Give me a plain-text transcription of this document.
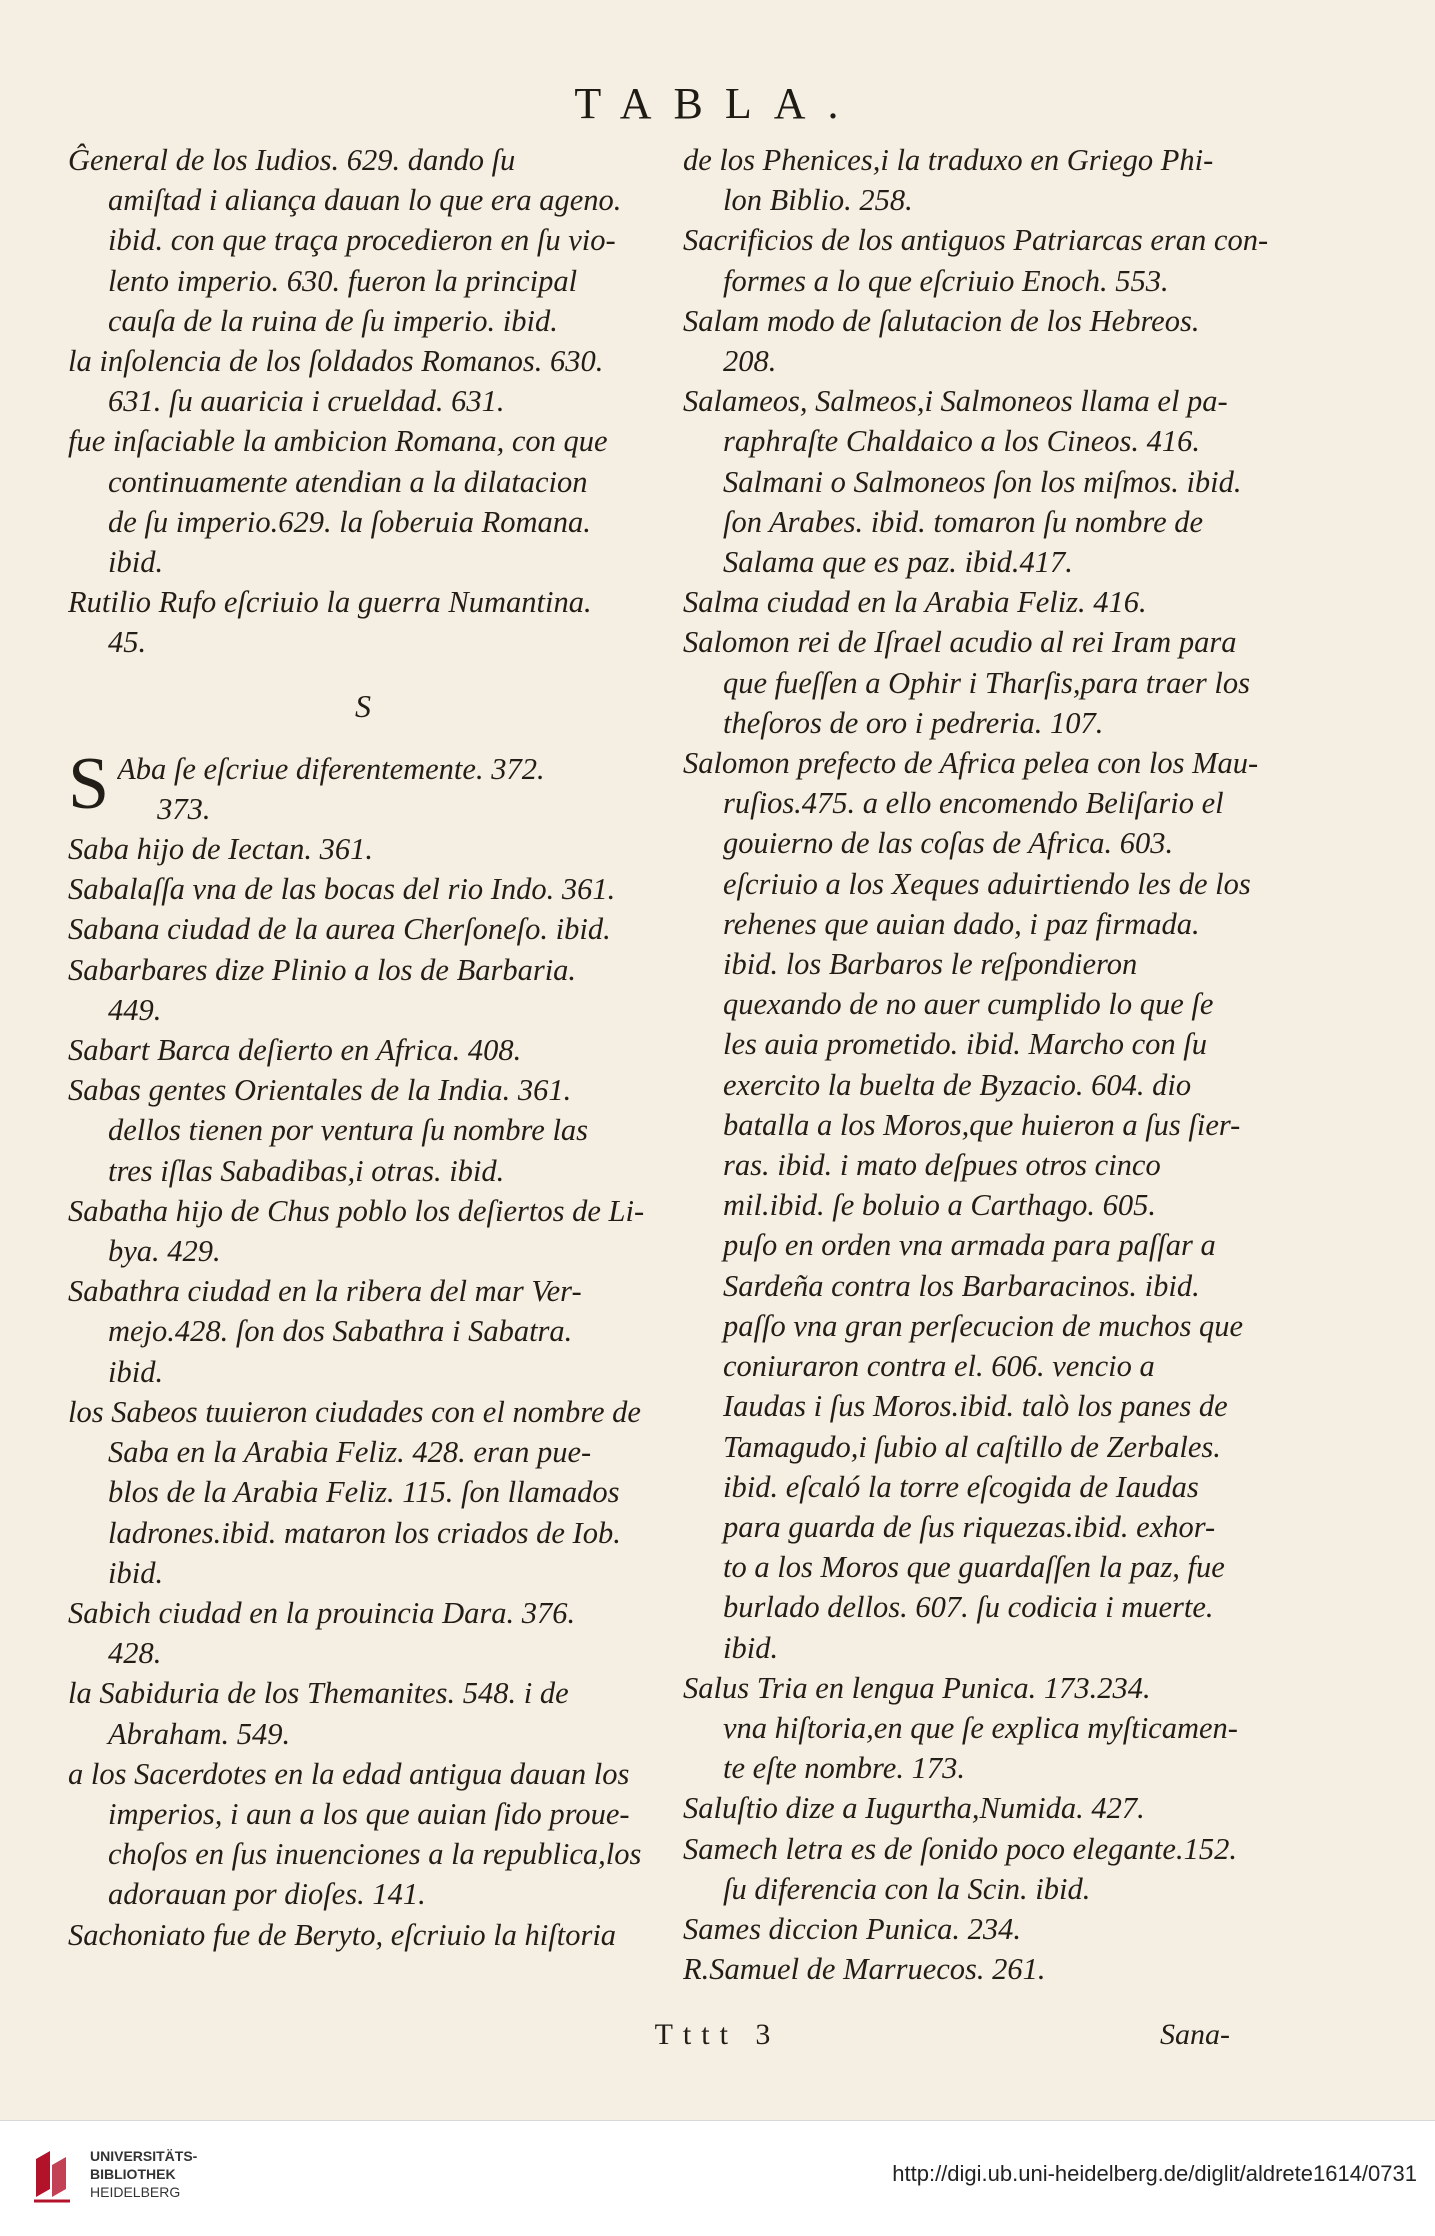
TABLA.
Ĝeneral de los Iudios. 629. dando ſu
amiſtad i aliança dauan lo que era ageno.
ibid. con que traça procedieron en ſu vio-
lento imperio. 630. fueron la principal
cauſa de la ruina de ſu imperio. ibid.
la inſolencia de los ſoldados Romanos. 630.
631. ſu auaricia i crueldad. 631.
fue inſaciable la ambicion Romana, con que
continuamente atendian a la dilatacion
de ſu imperio.629. la ſoberuia Romana.
ibid.
Rutilio Rufo eſcriuio la guerra Numantina.
45.
S
S Aba ſe eſcriue diferentemente. 372.
373.
Saba hijo de Iectan. 361.
Sabalaſſa vna de las bocas del rio Indo. 361.
Sabana ciudad de la aurea Cherſoneſo. ibid.
Sabarbares dize Plinio a los de Barbaria.
449.
Sabart Barca deſierto en Africa. 408.
Sabas gentes Orientales de la India. 361.
dellos tienen por ventura ſu nombre las
tres iſlas Sabadibas,i otras. ibid.
Sabatha hijo de Chus poblo los deſiertos de Li-
bya. 429.
Sabathra ciudad en la ribera del mar Ver-
mejo.428. ſon dos Sabathra i Sabatra.
ibid.
los Sabeos tuuieron ciudades con el nombre de
Saba en la Arabia Feliz. 428. eran pue-
blos de la Arabia Feliz. 115. ſon llamados
ladrones.ibid. mataron los criados de Iob.
ibid.
Sabich ciudad en la prouincia Dara. 376.
428.
la Sabiduria de los Themanites. 548. i de
Abraham. 549.
a los Sacerdotes en la edad antigua dauan los
imperios, i aun a los que auian ſido proue-
choſos en ſus inuenciones a la republica,los
adorauan por dioſes. 141.
Sachoniato fue de Beryto, eſcriuio la hiſtoria
de los Phenices,i la traduxo en Griego Phi-
lon Biblio. 258.
Sacrificios de los antiguos Patriarcas eran con-
formes a lo que eſcriuio Enoch. 553.
Salam modo de ſalutacion de los Hebreos.
208.
Salameos, Salmeos,i Salmoneos llama el pa-
raphraſte Chaldaico a los Cineos. 416.
Salmani o Salmoneos ſon los miſmos. ibid.
ſon Arabes. ibid. tomaron ſu nombre de
Salama que es paz. ibid.417.
Salma ciudad en la Arabia Feliz. 416.
Salomon rei de Iſrael acudio al rei Iram para
que fueſſen a Ophir i Tharſis,para traer los
theſoros de oro i pedreria. 107.
Salomon prefecto de Africa pelea con los Mau-
ruſios.475. a ello encomendo Beliſario el
gouierno de las coſas de Africa. 603.
eſcriuio a los Xeques aduirtiendo les de los
rehenes que auian dado, i paz firmada.
ibid. los Barbaros le reſpondieron
quexando de no auer cumplido lo que ſe
les auia prometido. ibid. Marcho con ſu
exercito la buelta de Byzacio. 604. dio
batalla a los Moros,que huieron a ſus ſier-
ras. ibid. i mato deſpues otros cinco
mil.ibid. ſe boluio a Carthago. 605.
puſo en orden vna armada para paſſar a
Sardeña contra los Barbaracinos. ibid.
paſſo vna gran perſecucion de muchos que
coniuraron contra el. 606. vencio a
Iaudas i ſus Moros.ibid. talò los panes de
Tamagudo,i ſubio al caſtillo de Zerbales.
ibid. eſcaló la torre eſcogida de Iaudas
para guarda de ſus riquezas.ibid. exhor-
to a los Moros que guardaſſen la paz, fue
burlado dellos. 607. ſu codicia i muerte.
ibid.
Salus Tria en lengua Punica. 173.234.
vna hiſtoria,en que ſe explica myſticamen-
te eſte nombre. 173.
Saluſtio dize a Iugurtha,Numida. 427.
Samech letra es de ſonido poco elegante.152.
ſu diferencia con la Scin. ibid.
Sames diccion Punica. 234.
R.Samuel de Marruecos. 261.
Tttt 3	Sana-
UNIVERSITÄTS-
BIBLIOTHEK
HEIDELBERG
http://digi.ub.uni-heidelberg.de/diglit/aldrete1614/0731
